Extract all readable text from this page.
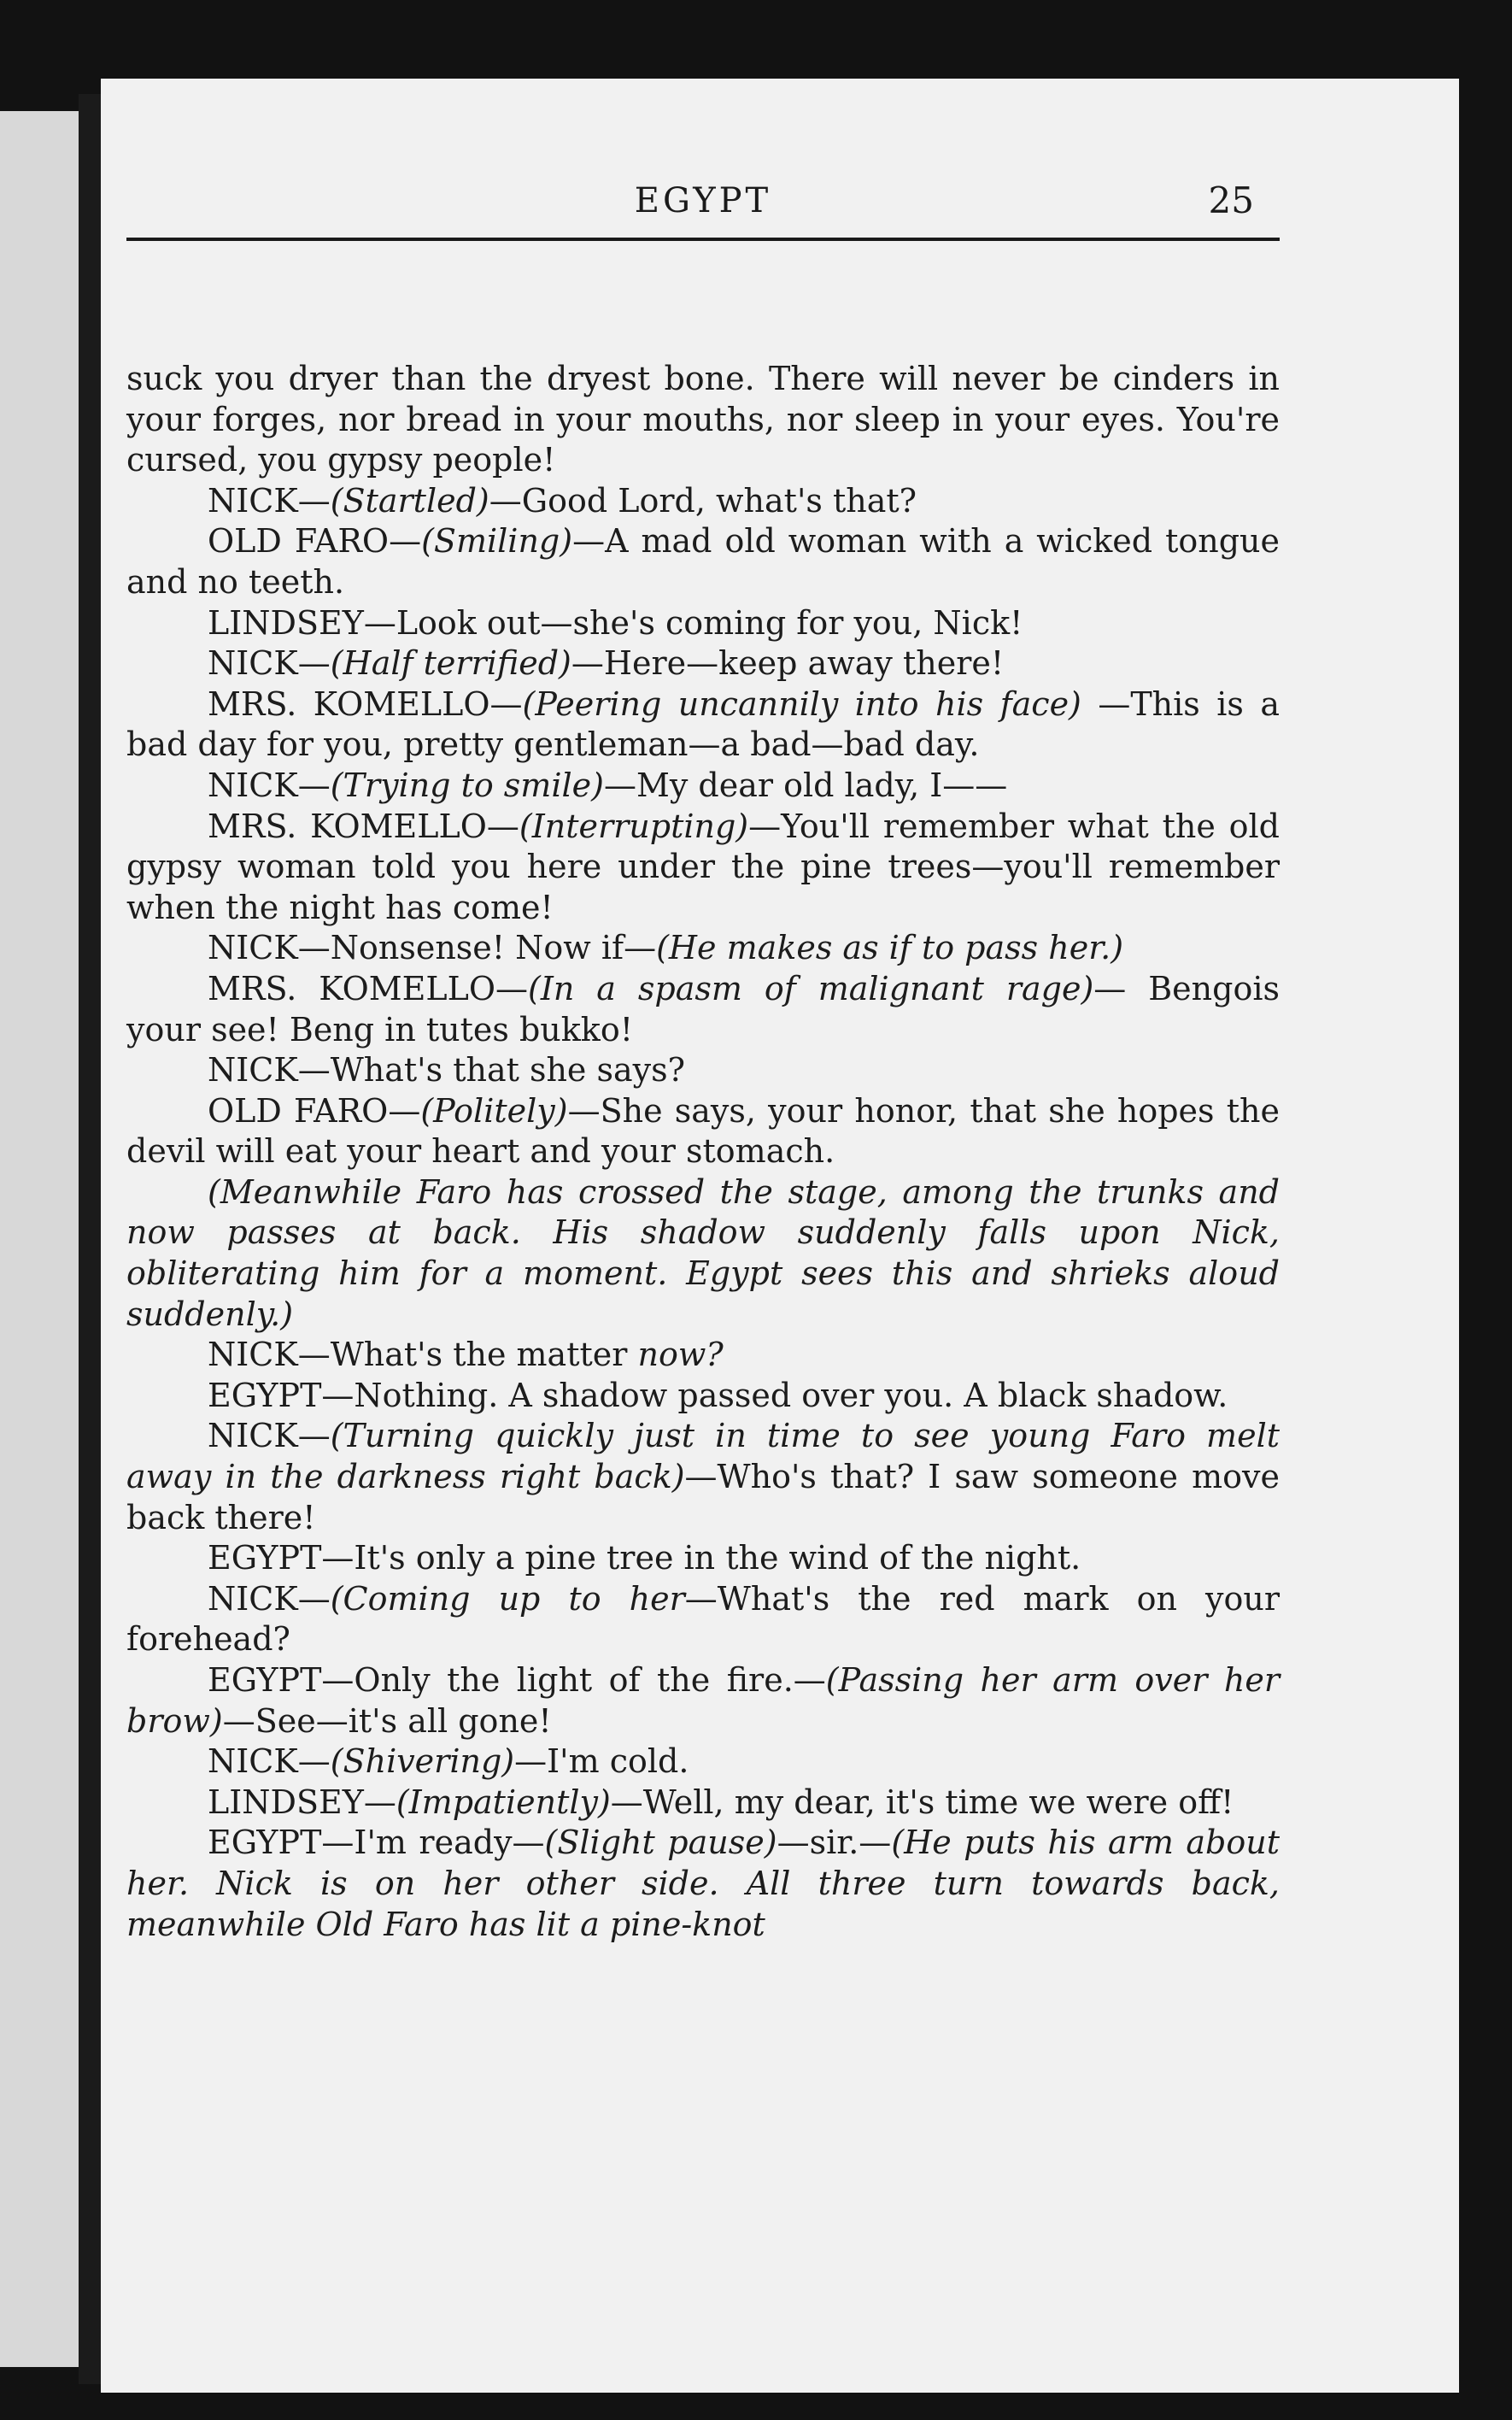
EGYPT	25

suck you dryer than the dryest bone. There will never be cinders in your forges, nor bread in your mouths, nor sleep in your eyes. You're cursed, you gypsy people!

NICK—(Startled)—Good Lord, what's that?

OLD FARO—(Smiling)—A mad old woman with a wicked tongue and no teeth.

LINDSEY—Look out—she's coming for you, Nick!

NICK—(Half terrified)—Here—keep away there!

MRS. KOMELLO—(Peering uncannily into his face) —This is a bad day for you, pretty gentleman—a bad—bad day.

NICK—(Trying to smile)—My dear old lady, I——

MRS. KOMELLO—(Interrupting)—You'll remember what the old gypsy woman told you here under the pine trees—you'll remember when the night has come!

NICK—Nonsense! Now if—(He makes as if to pass her.)

MRS. KOMELLO—(In a spasm of malignant rage)— Bengois your see! Beng in tutes bukko!

NICK—What's that she says?

OLD FARO—(Politely)—She says, your honor, that she hopes the devil will eat your heart and your stomach.

(Meanwhile Faro has crossed the stage, among the trunks and now passes at back. His shadow suddenly falls upon Nick, obliterating him for a moment. Egypt sees this and shrieks aloud suddenly.)

NICK—What's the matter now?

EGYPT—Nothing. A shadow passed over you. A black shadow.

NICK—(Turning quickly just in time to see young Faro melt away in the darkness right back)—Who's that? I saw someone move back there!

EGYPT—It's only a pine tree in the wind of the night.

NICK—(Coming up to her—What's the red mark on your forehead?

EGYPT—Only the light of the fire.—(Passing her arm over her brow)—See—it's all gone!

NICK—(Shivering)—I'm cold.

LINDSEY—(Impatiently)—Well, my dear, it's time we were off!

EGYPT—I'm ready—(Slight pause)—sir.—(He puts his arm about her. Nick is on her other side. All three turn towards back, meanwhile Old Faro has lit a pine-knot
